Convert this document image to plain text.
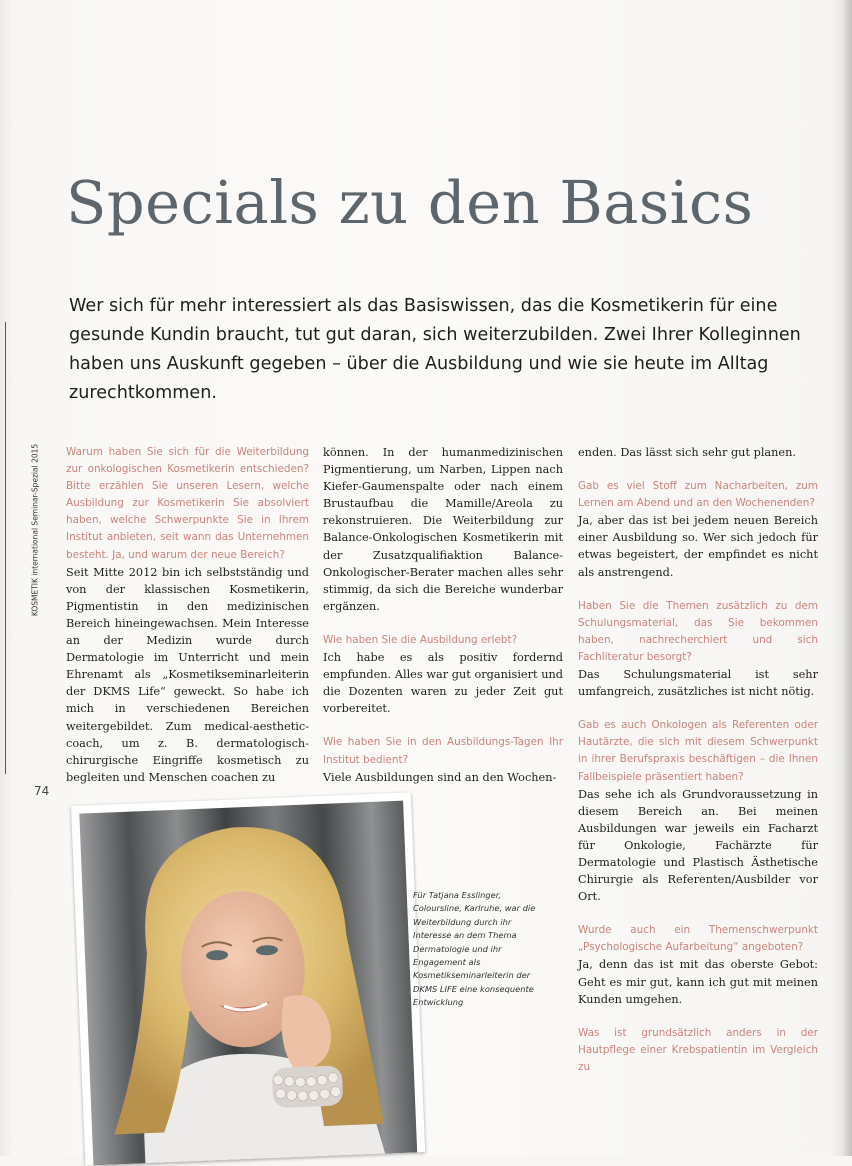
Specials zu den Basics
Wer sich für mehr interessiert als das Basiswissen, das die Kosmetikerin für eine gesunde Kundin braucht, tut gut daran, sich weiterzubilden. Zwei Ihrer Kolleginnen haben uns Auskunft gegeben – über die Ausbildung und wie sie heute im Alltag zurechtkommen.
KOSMETIK international Seminar-Spezial 2015
74

Warum haben Sie sich für die Weiterbildung zur onkologischen Kosmetikerin entschieden? Bitte erzählen Sie unseren Lesern, welche Ausbildung zur Kosmetikerin Sie absolviert haben, welche Schwerpunkte Sie in Ihrem Institut anbieten, seit wann das Unternehmen besteht. Ja, und warum der neue Bereich?

Seit Mitte 2012 bin ich selbstständig und von der klassischen Kosmetikerin, Pigmentistin in den medizinischen Bereich hineingewachsen. Mein Interesse an der Medizin wurde durch Dermatologie im Unterricht und mein Ehrenamt als „Kosmetikseminarleiterin der DKMS Life“ geweckt. So habe ich mich in verschiedenen Bereichen weitergebildet. Zum medical-aesthetic-coach, um z. B. dermatologisch-chirurgische Eingriffe kosmetisch zu begleiten und Menschen coachen zu

können. In der humanmedizinischen Pigmentierung, um Narben, Lippen nach Kiefer-Gaumenspalte oder nach einem Brustaufbau die Mamille/Areola zu rekonstruieren. Die Weiterbildung zur Balance-Onkologischen Kosmetikerin mit der Zusatzqualifiaktion Balance-Onkologischer-Berater machen alles sehr stimmig, da sich die Bereiche wunderbar ergänzen.

Wie haben Sie die Ausbildung erlebt?

Ich habe es als positiv fordernd empfunden. Alles war gut organisiert und die Dozenten waren zu jeder Zeit gut vorbereitet.

Wie haben Sie in den Ausbildungs-Tagen Ihr Institut bedient?

Viele Ausbildungen sind an den Wochen-

enden. Das lässt sich sehr gut planen.

Gab es viel Stoff zum Nacharbeiten, zum Lernen am Abend und an den Wochenenden?

Ja, aber das ist bei jedem neuen Bereich einer Ausbildung so. Wer sich jedoch für etwas begeistert, der empfindet es nicht als anstrengend.

Haben Sie die Themen zusätzlich zu dem Schulungsmaterial, das Sie bekommen haben, nachrecherchiert und sich Fachliteratur besorgt?

Das Schulungsmaterial ist sehr umfangreich, zusätzliches ist nicht nötig.

Gab es auch Onkologen als Referenten oder Hautärzte, die sich mit diesem Schwerpunkt in ihrer Berufspraxis beschäftigen – die Ihnen Fallbeispiele präsentiert haben?

Das sehe ich als Grundvoraussetzung in diesem Bereich an. Bei meinen Ausbildungen war jeweils ein Facharzt für Onkologie, Fachärzte für Dermatologie und Plastisch Ästhetische Chirurgie als Referenten/Ausbilder vor Ort.

Wurde auch ein Themenschwerpunkt „Psychologische Aufarbeitung“ angeboten?

Ja, denn das ist mit das oberste Gebot: Geht es mir gut, kann ich gut mit meinen Kunden umgehen.

Was ist grundsätzlich anders in der Hautpflege einer Krebspatientin im Vergleich zu

Für Tatjana Esslinger, Coloursline, Karlruhe, war die Weiterbildung durch ihr Interesse an dem Thema Dermatologie und ihr Engagement als Kosmetikseminarleiterin der DKMS LIFE eine konsequente Entwicklung
